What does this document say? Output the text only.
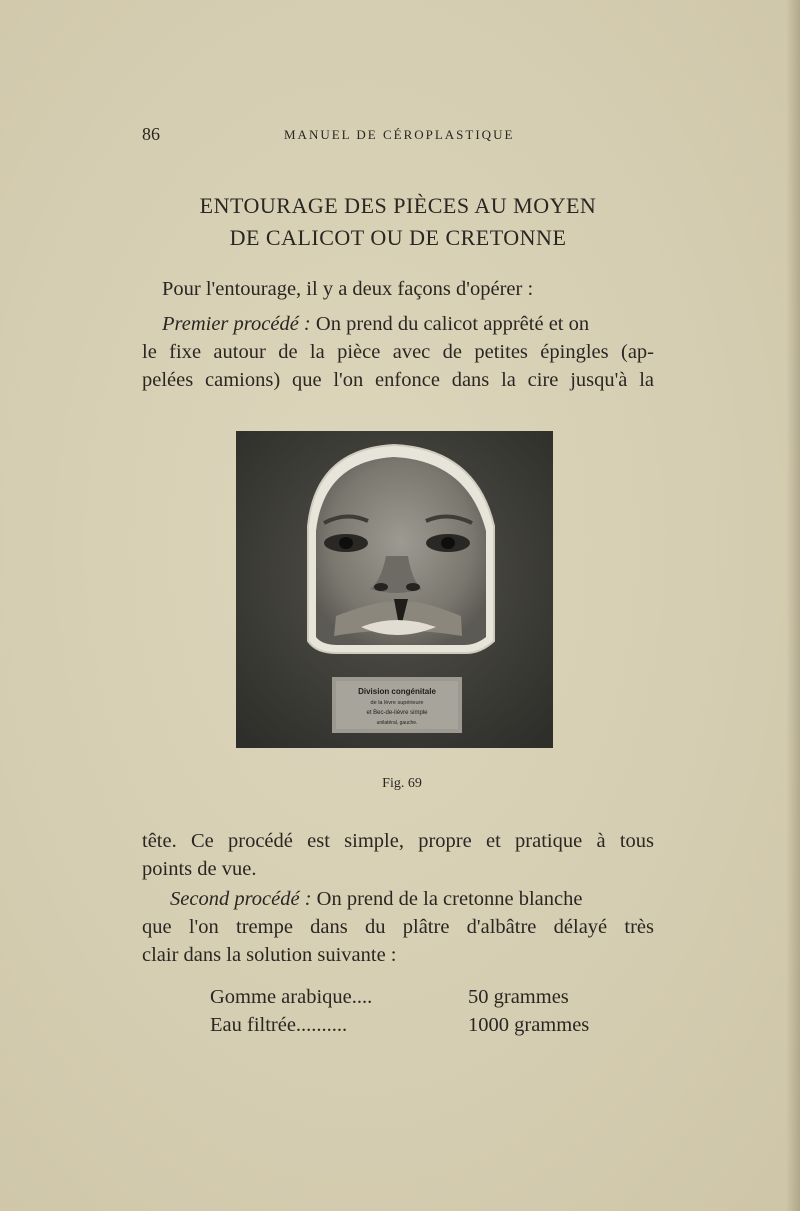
86	MANUEL DE CÉROPLASTIQUE
ENTOURAGE DES PIÈCES AU MOYEN
DE CALICOT OU DE CRETONNE
Pour l'entourage, il y a deux façons d'opérer :
Premier procédé : On prend du calicot apprêté et on
le fixe autour de la pièce avec de petites épingles (ap-
pelées camions) que l'on enfonce dans la cire jusqu'à la
Division congénitale
de la lèvre supérieure
et Bec-de-lièvre simple
unilatéral, gauche.
Fig. 69
tête. Ce procédé est simple, propre et pratique à tous
points de vue.
Second procédé : On prend de la cretonne blanche
que l'on trempe dans du plâtre d'albâtre délayé très
clair dans la solution suivante :
Gomme arabique....	50 grammes
Eau filtrée..........	1000 grammes
